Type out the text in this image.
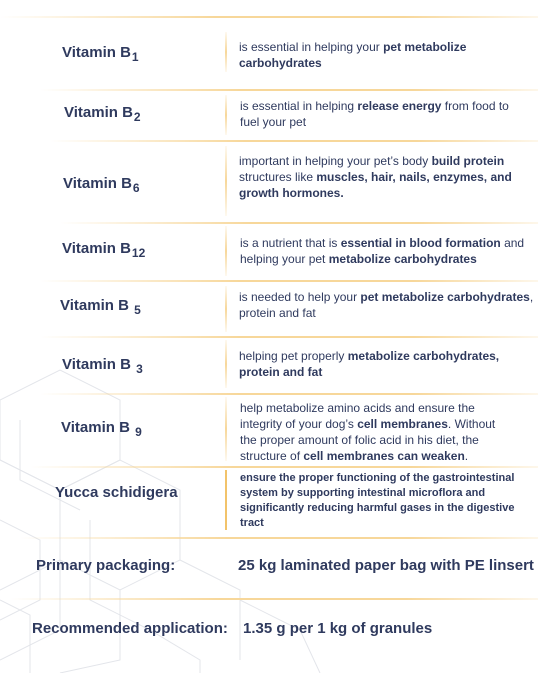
Vitamin $B_1$
is essential in helping your pet metabolize carbohydrates
Vitamin $B_2$
is essential in helping release energy from food to fuel your pet
Vitamin $B_6$
important in helping your pet’s body build protein structures like muscles, hair, nails, enzymes, and growth hormones.
Vitamin $B_{12}$
is a nutrient that is essential in blood formation and helping your pet metabolize carbohydrates
Vitamin B $_5$
is needed to help your pet metabolize carbohydrates, protein and fat
Vitamin B $_3$
helping pet properly metabolize carbohydrates, protein and fat
Vitamin B $_9$
help metabolize amino acids and ensure the integrity of your dog’s cell membranes. Without the proper amount of folic acid in his diet, the structure of cell membranes can weaken.
Yucca schidigera
ensure the proper functioning of the gastrointestinal system by supporting intestinal microflora and significantly reducing harmful gases in the digestive tract
Primary packaging:	25 kg laminated paper bag with PE linsert
Recommended application: 1.35 g per 1 kg of granules
